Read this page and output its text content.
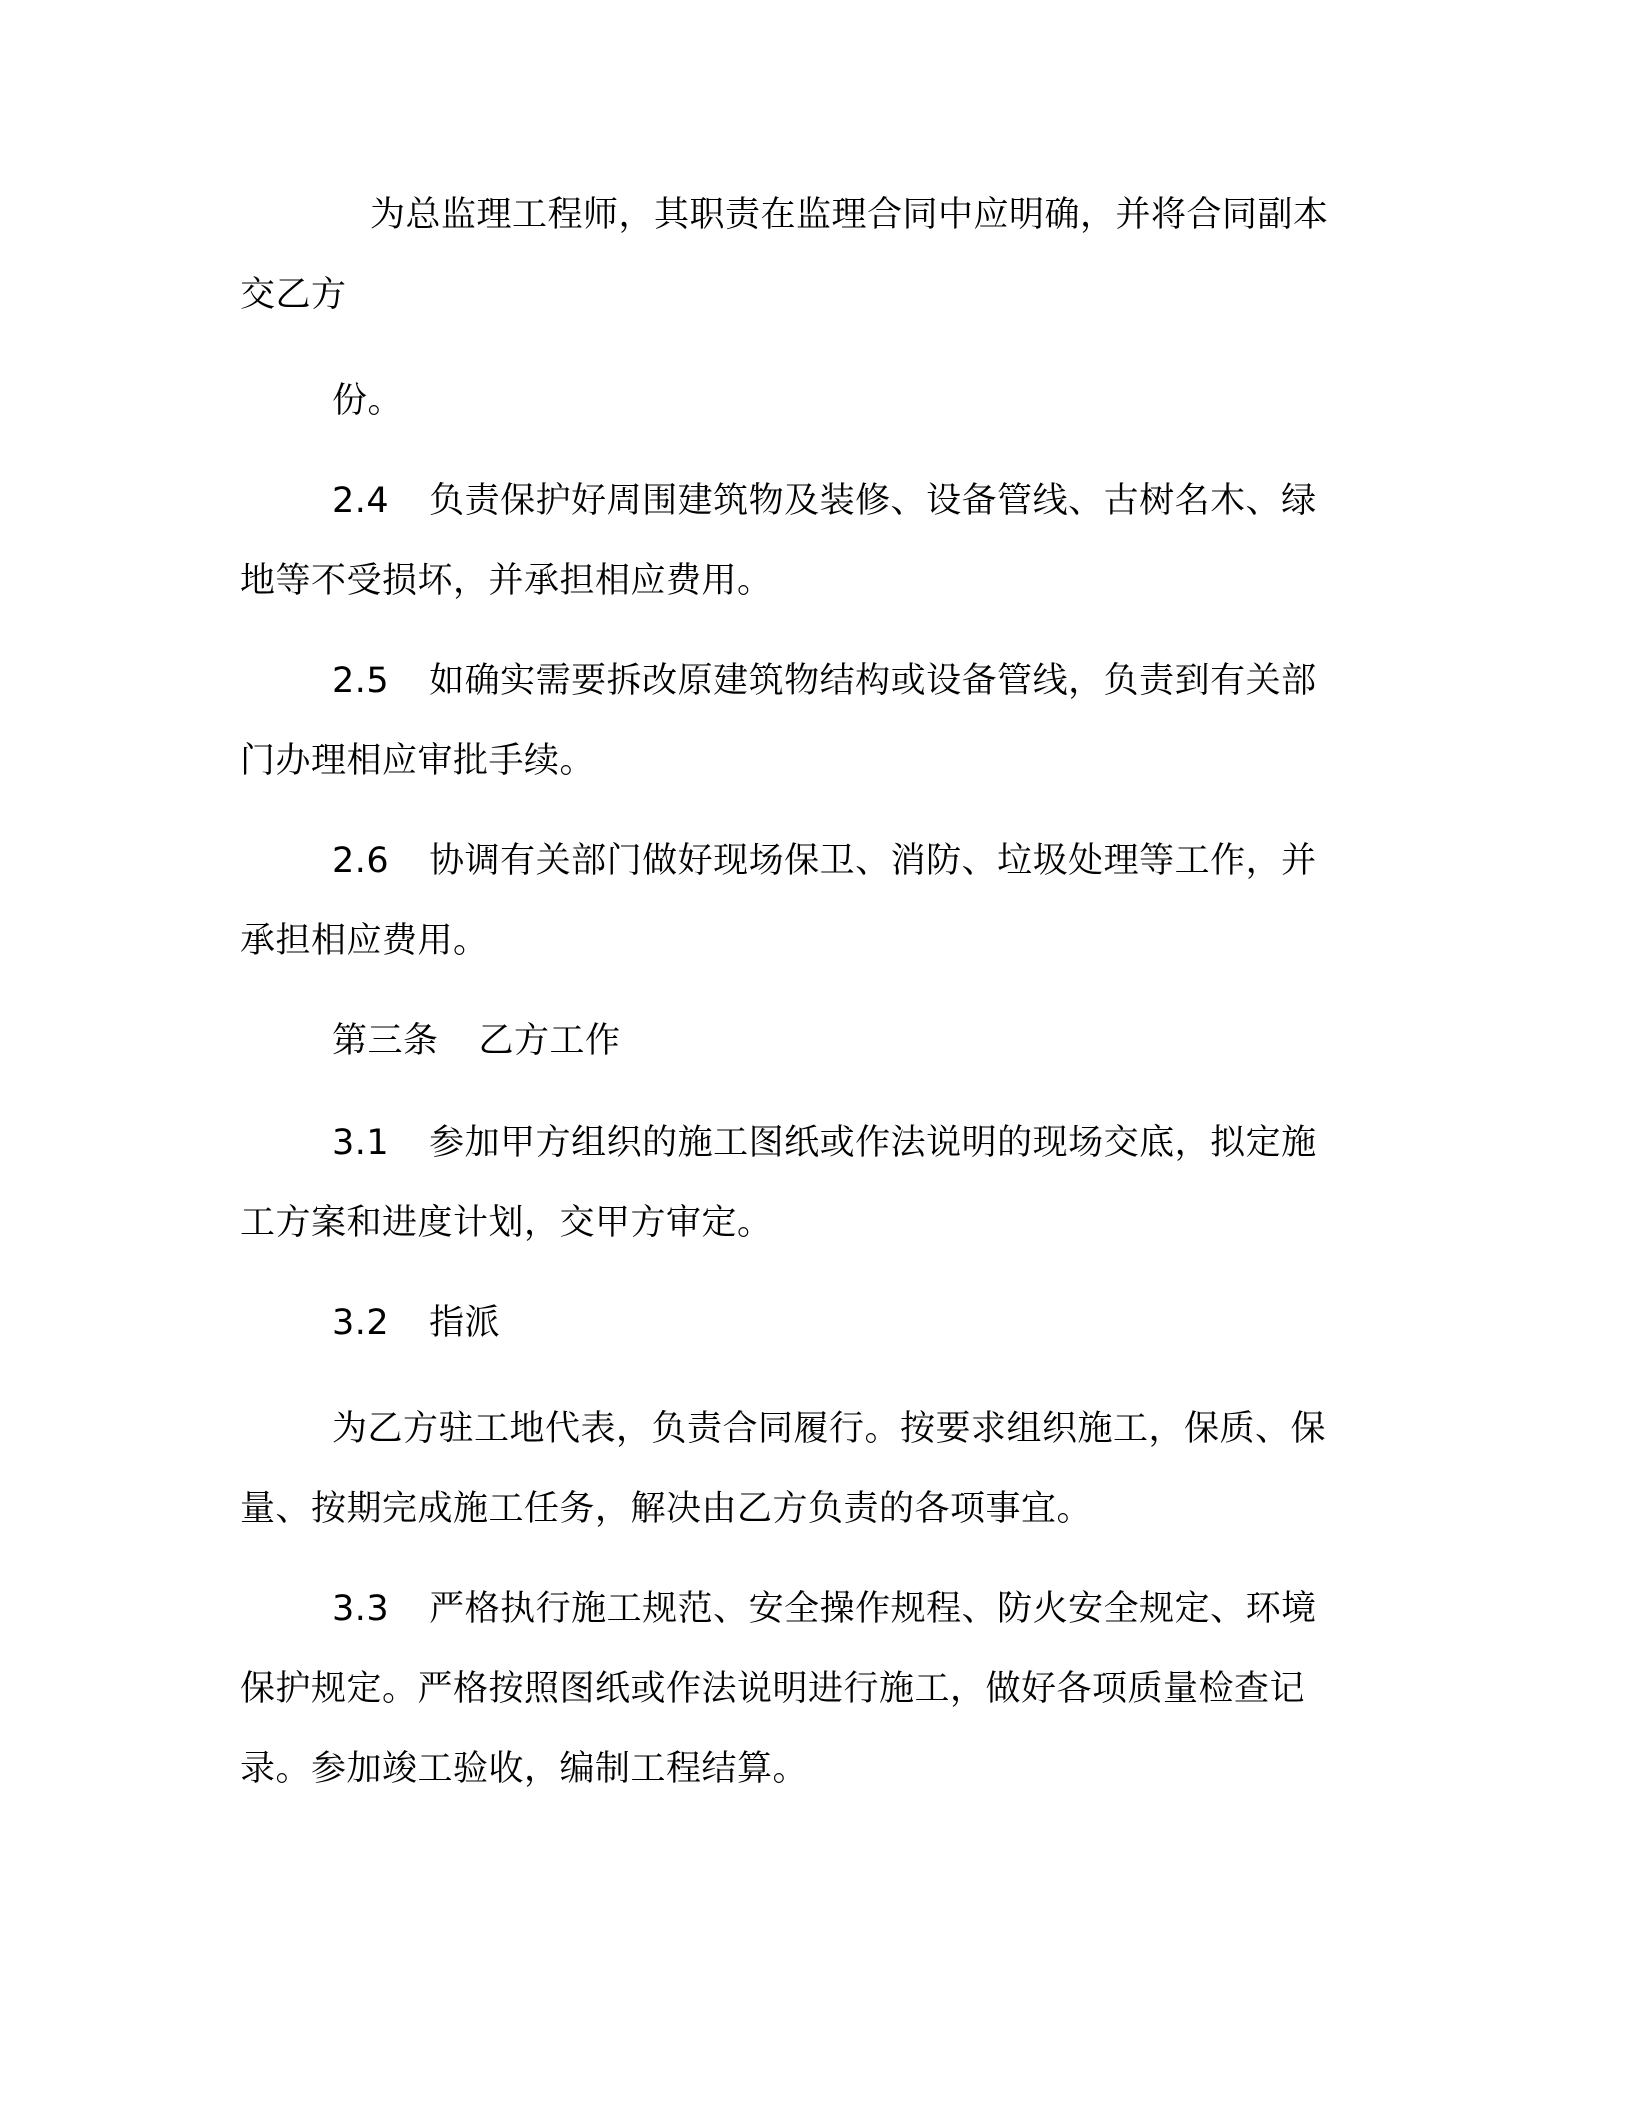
为总监理工程师，其职责在监理合同中应明确，并将合同副本
交乙方
份。
2.4 负责保护好周围建筑物及装修、设备管线、古树名木、绿
地等不受损坏，并承担相应费用。
2.5 如确实需要拆改原建筑物结构或设备管线，负责到有关部
门办理相应审批手续。
2.6 协调有关部门做好现场保卫、消防、垃圾处理等工作，并
承担相应费用。
第三条 乙方工作
3.1 参加甲方组织的施工图纸或作法说明的现场交底，拟定施
工方案和进度计划，交甲方审定。
3.2 指派
为乙方驻工地代表，负责合同履行。按要求组织施工，保质、保
量、按期完成施工任务，解决由乙方负责的各项事宜。
3.3 严格执行施工规范、安全操作规程、防火安全规定、环境
保护规定。严格按照图纸或作法说明进行施工，做好各项质量检查记
录。参加竣工验收，编制工程结算。
